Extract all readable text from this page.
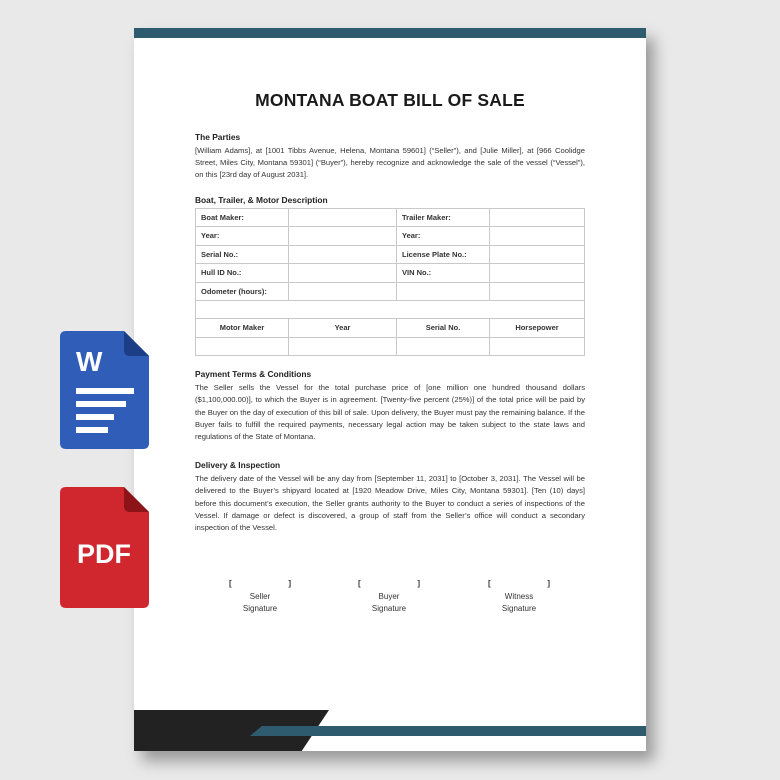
MONTANA BOAT BILL OF SALE
The Parties

[William Adams], at [1001 Tibbs Avenue, Helena, Montana 59601] (“Seller”), and [Julie Miller], at [966 Coolidge Street, Miles City, Montana 59301] (“Buyer”), hereby recognize and acknowledge the sale of the vessel (“Vessel”), on this [23rd day of August 2031].

Boat, Trailer, & Motor Description
Boat Maker:		Trailer Maker:	
Year:		Year:	
Serial No.:		License Plate No.:	
Hull ID No.:		VIN No.:	
Odometer (hours):			

Motor Maker	Year	Serial No.	Horsepower

Payment Terms & Conditions

The Seller sells the Vessel for the total purchase price of [one million one hundred thousand dollars ($1,100,000.00)], to which the Buyer is in agreement. [Twenty-five percent (25%)] of the total price will be paid by the Buyer on the day of execution of this bill of sale. Upon delivery, the Buyer must pay the remaining balance. If the Buyer fails to fulfill the required payments, necessary legal action may be taken subject to the state laws and regulations of the State of Montana.

Delivery & Inspection

The delivery date of the Vessel will be any day from [September 11, 2031] to [October 3, 2031]. The Vessel will be delivered to the Buyer’s shipyard located at [1920 Meadow Drive, Miles City, Montana 59301]. [Ten (10) days] before this document’s execution, the Seller grants authority to the Buyer to conduct a series of inspections of the Vessel. If damage or defect is discovered, a group of staff from the Seller’s office will conduct a secondary inspection of the Vessel.

[	]
Seller
Signature
[	]
Buyer
Signature
[	]
Witness
Signature
W
PDF
